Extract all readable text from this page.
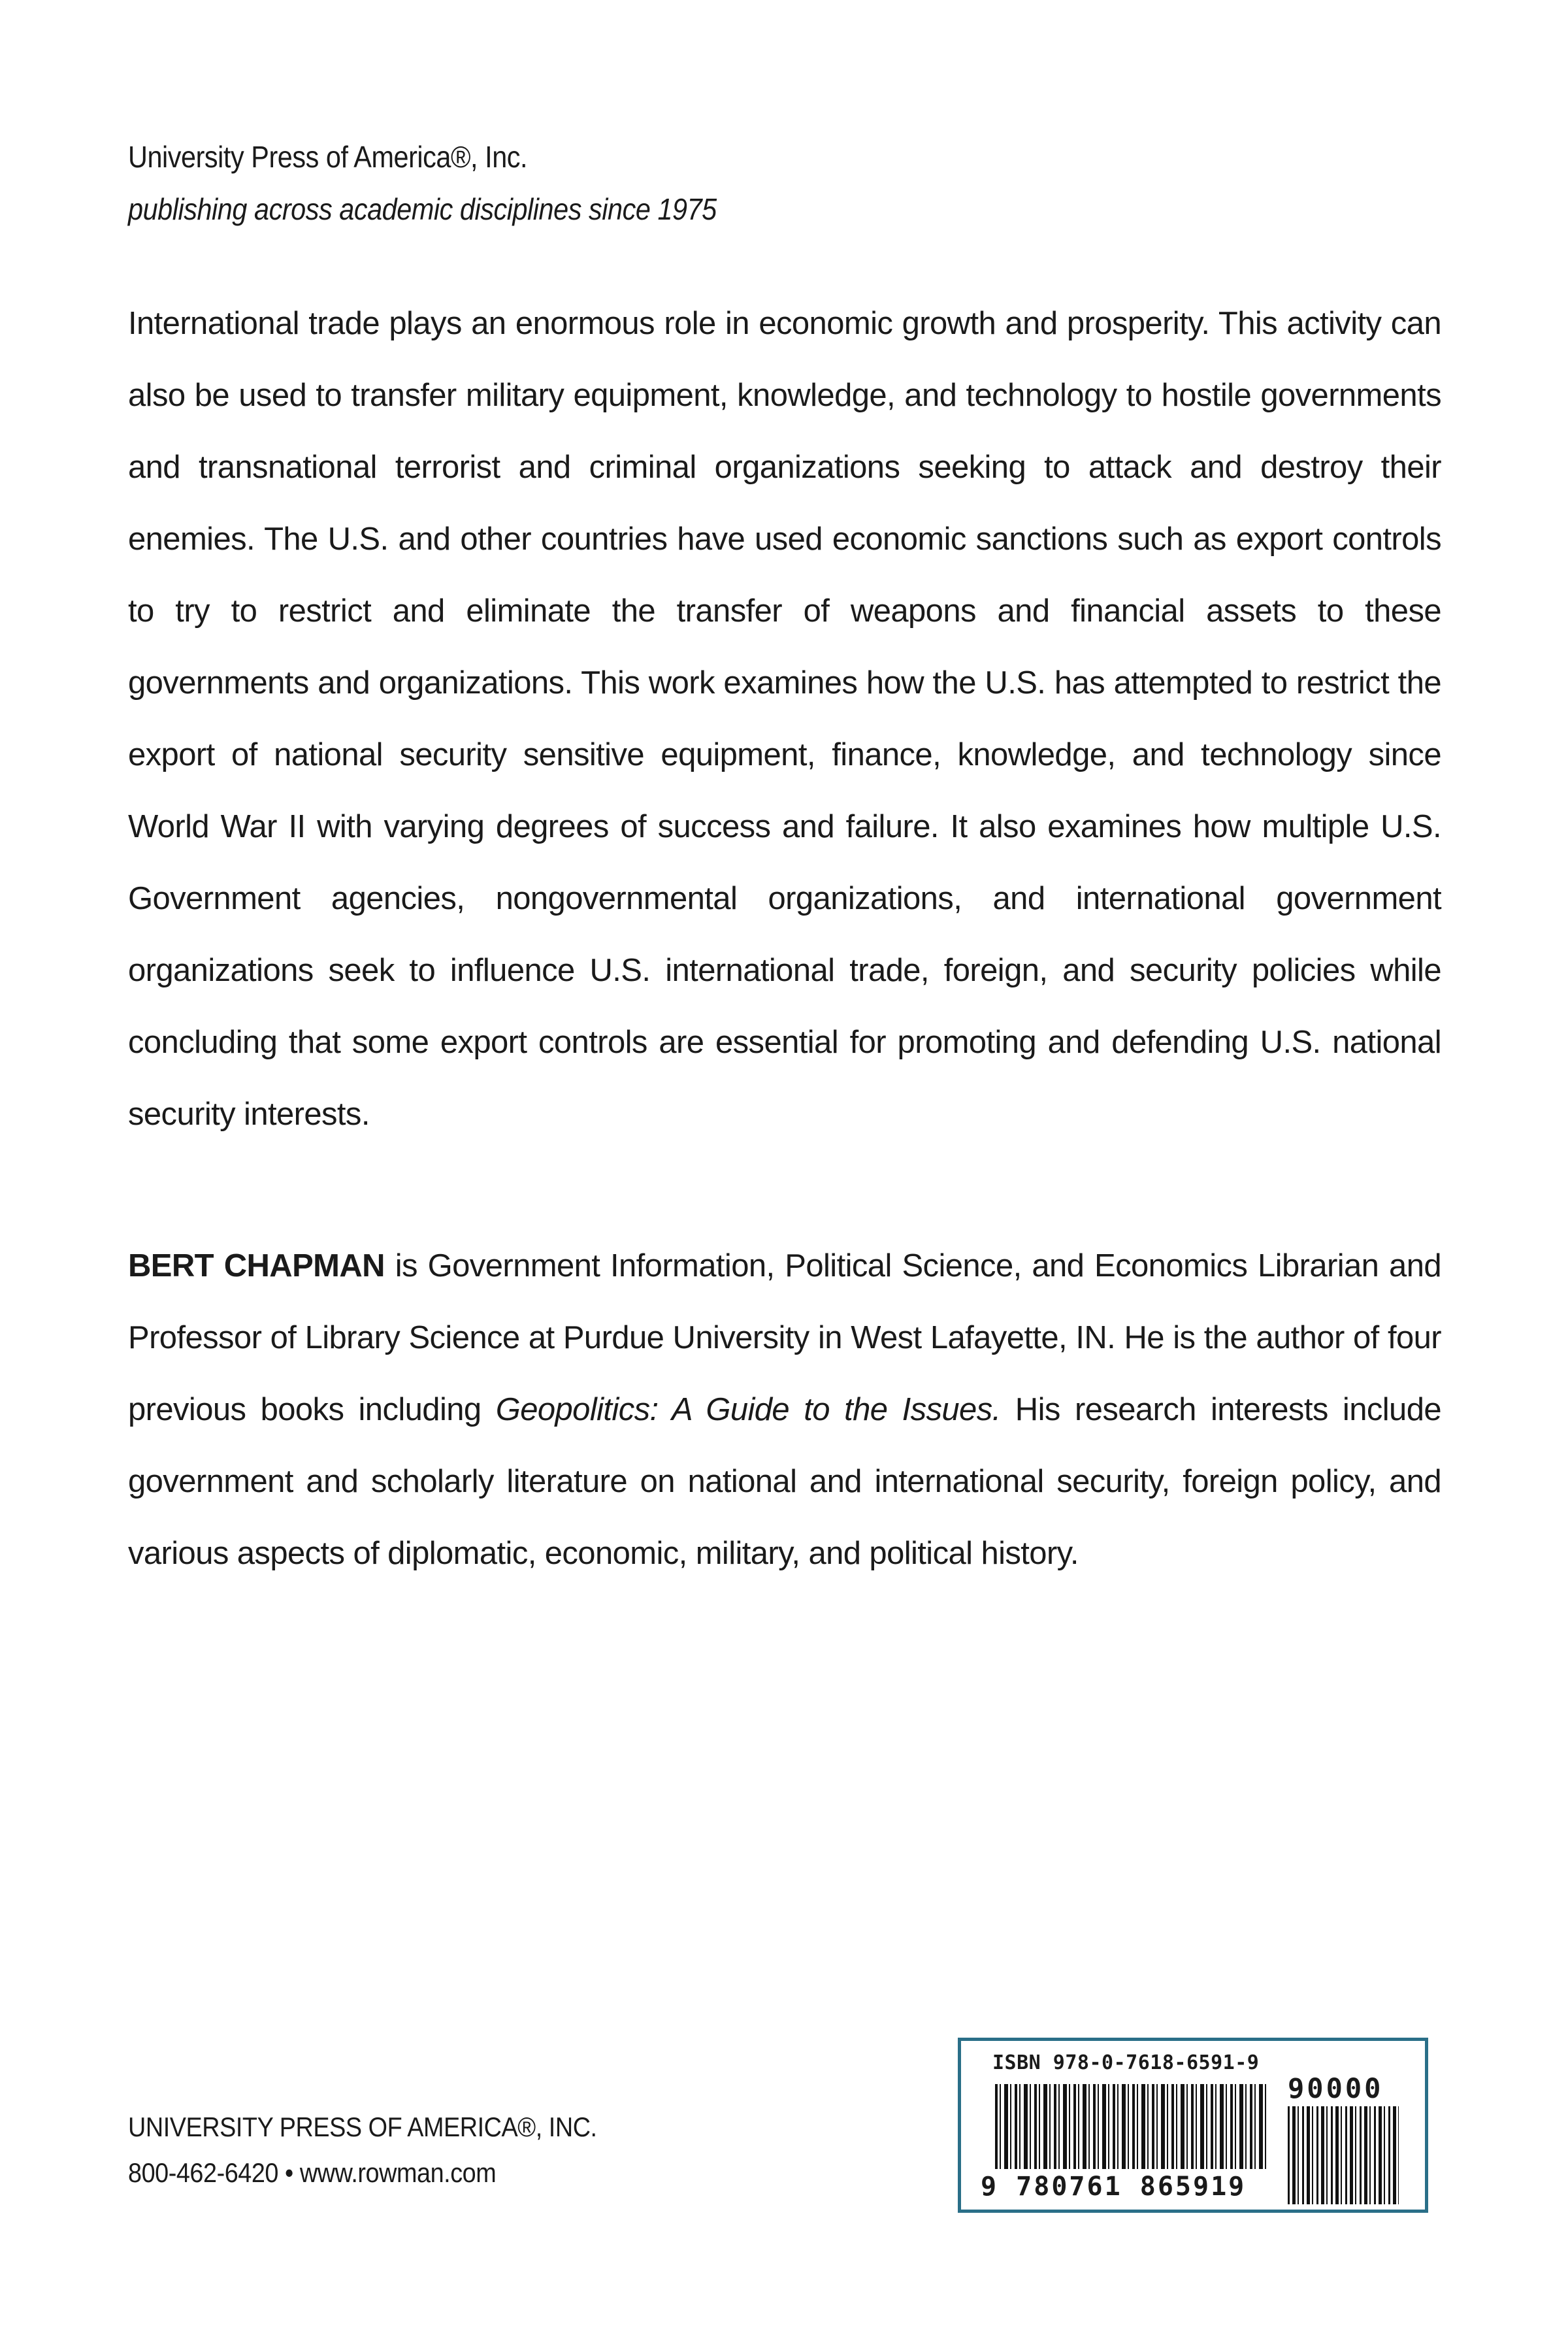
University Press of America®, Inc.
publishing across academic disciplines since 1975
International trade plays an enormous role in economic growth and prosperity. This activity can also be used to transfer military equipment, knowledge, and technology to hostile governments and transnational terrorist and criminal organizations seeking to attack and destroy their enemies. The U.S. and other countries have used economic sanctions such as export controls to try to restrict and eliminate the transfer of weapons and financial assets to these governments and organizations. This work examines how the U.S. has attempted to restrict the export of national security sensitive equipment, finance, knowledge, and technology since World War II with varying degrees of success and failure. It also examines how multiple U.S. Government agencies, nongovernmental organizations, and international government organizations seek to influence U.S. international trade, foreign, and security policies while concluding that some export controls are essential for promoting and defending U.S. national security interests.
BERT CHAPMAN is Government Information, Political Science, and Economics Librarian and Professor of Library Science at Purdue University in West Lafayette, IN. He is the author of four previous books including Geopolitics: A Guide to the Issues. His research interests include government and scholarly literature on national and international security, foreign policy, and various aspects of diplomatic, economic, military, and political history.
UNIVERSITY PRESS OF AMERICA®, INC.
800-462-6420 • www.rowman.com
ISBN 978-0-7618-6591-9
90000
9 780761 865919
